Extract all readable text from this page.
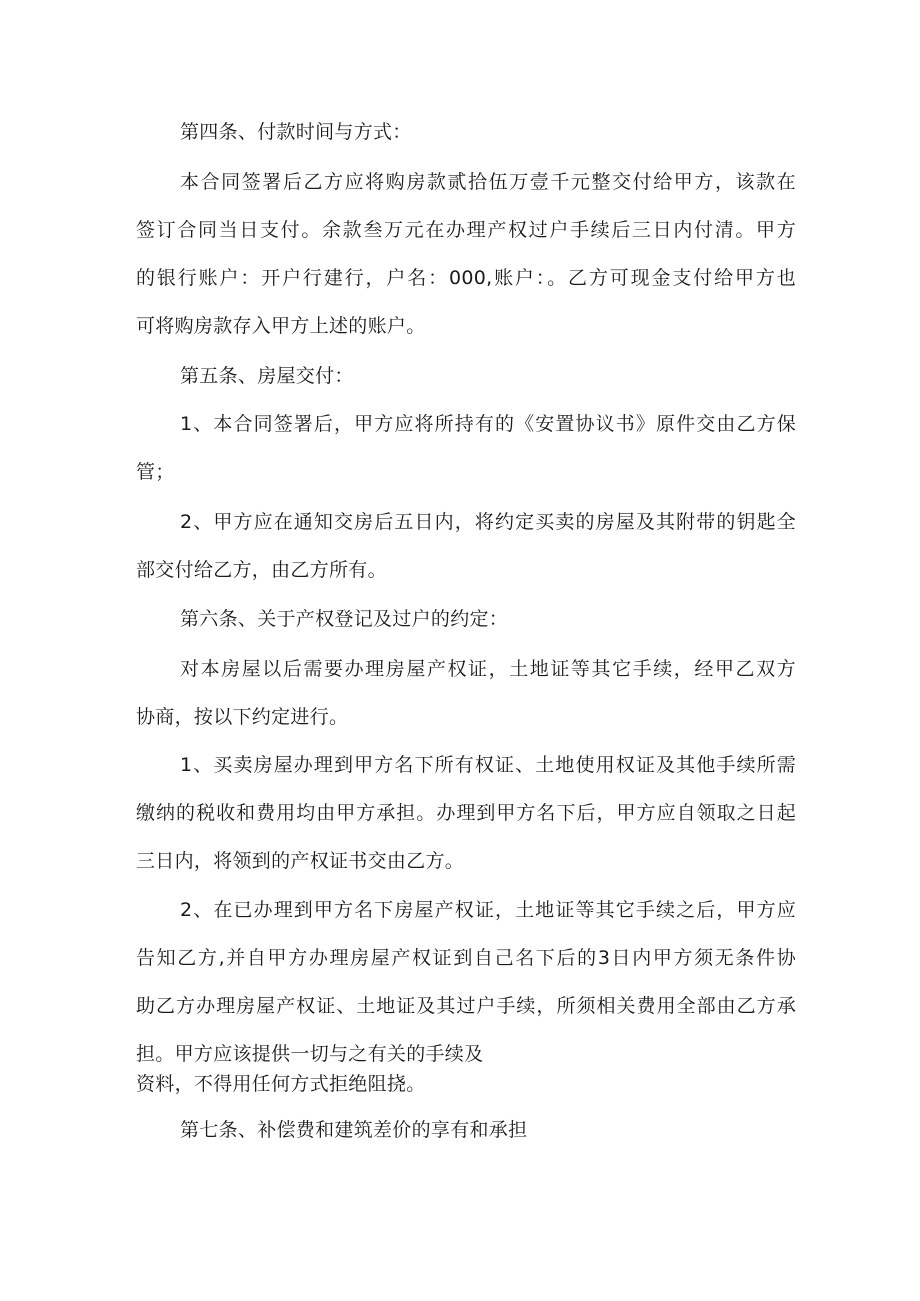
第四条、付款时间与方式：
本合同签署后乙方应将购房款贰拾伍万壹千元整交付给甲方，该款在
签订合同当日支付。余款叁万元在办理产权过户手续后三日内付清。甲方
的银行账户：开户行建行，户名：000,账户：。乙方可现金支付给甲方也
可将购房款存入甲方上述的账户。
第五条、房屋交付：
1、本合同签署后，甲方应将所持有的《安置协议书》原件交由乙方保
管；
2、甲方应在通知交房后五日内，将约定买卖的房屋及其附带的钥匙全
部交付给乙方，由乙方所有。
第六条、关于产权登记及过户的约定：
对本房屋以后需要办理房屋产权证，土地证等其它手续，经甲乙双方
协商，按以下约定进行。
1、买卖房屋办理到甲方名下所有权证、土地使用权证及其他手续所需
缴纳的税收和费用均由甲方承担。办理到甲方名下后，甲方应自领取之日起
三日内，将领到的产权证书交由乙方。
2、在已办理到甲方名下房屋产权证，土地证等其它手续之后，甲方应
告知乙方,并自甲方办理房屋产权证到自己名下后的3日内甲方须无条件协
助乙方办理房屋产权证、土地证及其过户手续，所须相关费用全部由乙方承
担。甲方应该提供一切与之有关的手续及
资料，不得用任何方式拒绝阻挠。
第七条、补偿费和建筑差价的享有和承担
